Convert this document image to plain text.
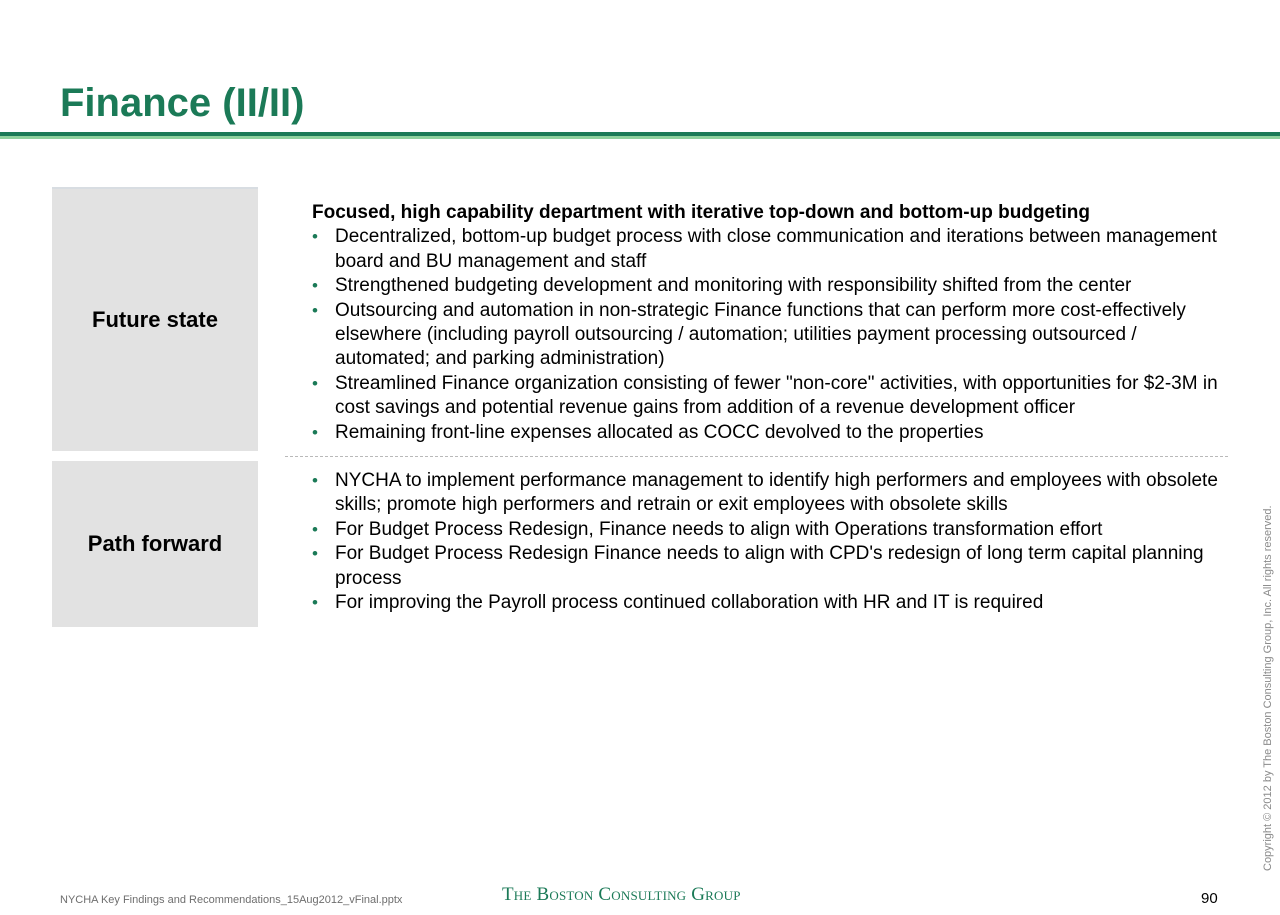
Finance (II/II)
Future state
Focused, high capability department with iterative top-down and bottom-up budgeting
• Decentralized, bottom-up budget process with close communication and iterations between management board and BU management and staff
• Strengthened budgeting development and monitoring with responsibility shifted from the center
• Outsourcing and automation in non-strategic Finance functions that can perform more cost-effectively elsewhere (including payroll outsourcing / automation; utilities payment processing outsourced / automated; and parking administration)
• Streamlined Finance organization consisting of fewer "non-core" activities, with opportunities for $2-3M in cost savings and potential revenue gains from addition of a revenue development officer
• Remaining front-line expenses allocated as COCC devolved to the properties
Path forward
• NYCHA to implement performance management to identify high performers and employees with obsolete skills; promote high performers and retrain or exit employees with obsolete skills
• For Budget Process Redesign, Finance needs to align with Operations transformation effort
• For Budget Process Redesign Finance needs to align with CPD's redesign of long term capital planning process
• For improving the Payroll process continued collaboration with HR and IT is required	Copyright © 2012 by The Boston Consulting Group, Inc. All rights reserved.
NYCHA Key Findings and Recommendations_15Aug2012_vFinal.pptx	The Boston Consulting Group	90
